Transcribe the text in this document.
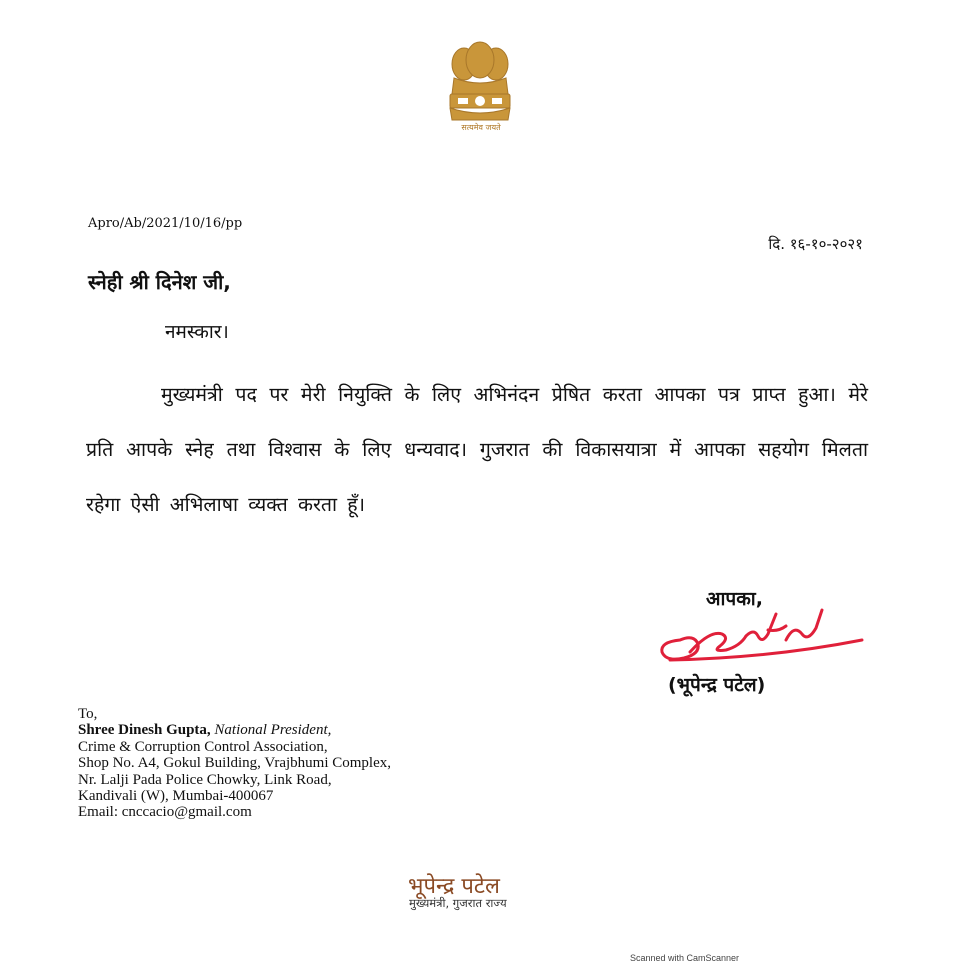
सत्यमेव जयते
Apro/Ab/2021/10/16/pp
दि. १६-१०-२०२१
स्नेही श्री दिनेश जी,
नमस्कार।
मुख्यमंत्री पद पर मेरी नियुक्ति के लिए अभिनंदन प्रेषित करता आपका पत्र प्राप्त हुआ। मेरे प्रति आपके स्नेह तथा विश्वास के लिए धन्यवाद। गुजरात की विकासयात्रा में आपका सहयोग मिलता रहेगा ऐसी अभिलाषा व्यक्त करता हूँ।
आपका,
(भूपेन्द्र पटेल)
To,
Shree Dinesh Gupta, National President,
Crime & Corruption Control Association,
Shop No. A4, Gokul Building, Vrajbhumi Complex,
Nr. Lalji Pada Police Chowky, Link Road,
Kandivali (W), Mumbai-400067
Email: cnccacio@gmail.com
भूपेन्द्र पटेल
मुख्यमंत्री, गुजरात राज्य
Scanned with CamScanner
